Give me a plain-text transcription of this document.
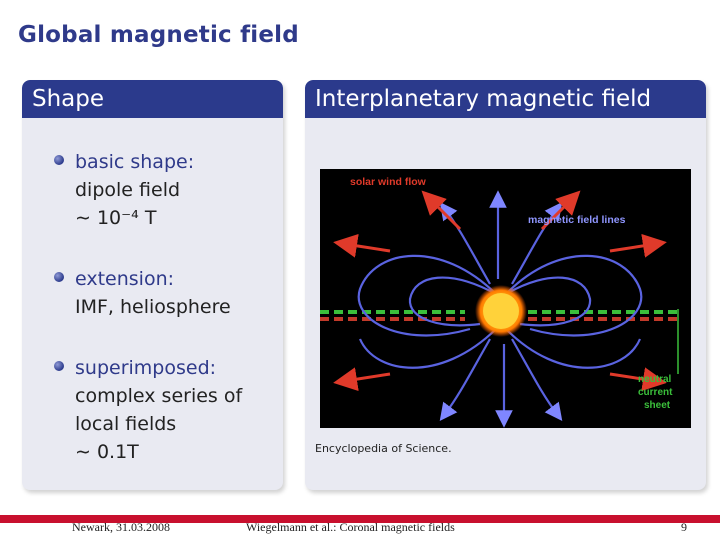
Global magnetic field
Shape
basic shape:
dipole field
∼ 10⁻⁴ T
extension:
IMF, heliosphere
superimposed:
complex series of
local fields
∼ 0.1T
Interplanetary magnetic field
solar wind flow
magnetic field lines
neutral
current
sheet
Encyclopedia of Science.
Newark, 31.03.2008	Wiegelmann et al.: Coronal magnetic fields	9
